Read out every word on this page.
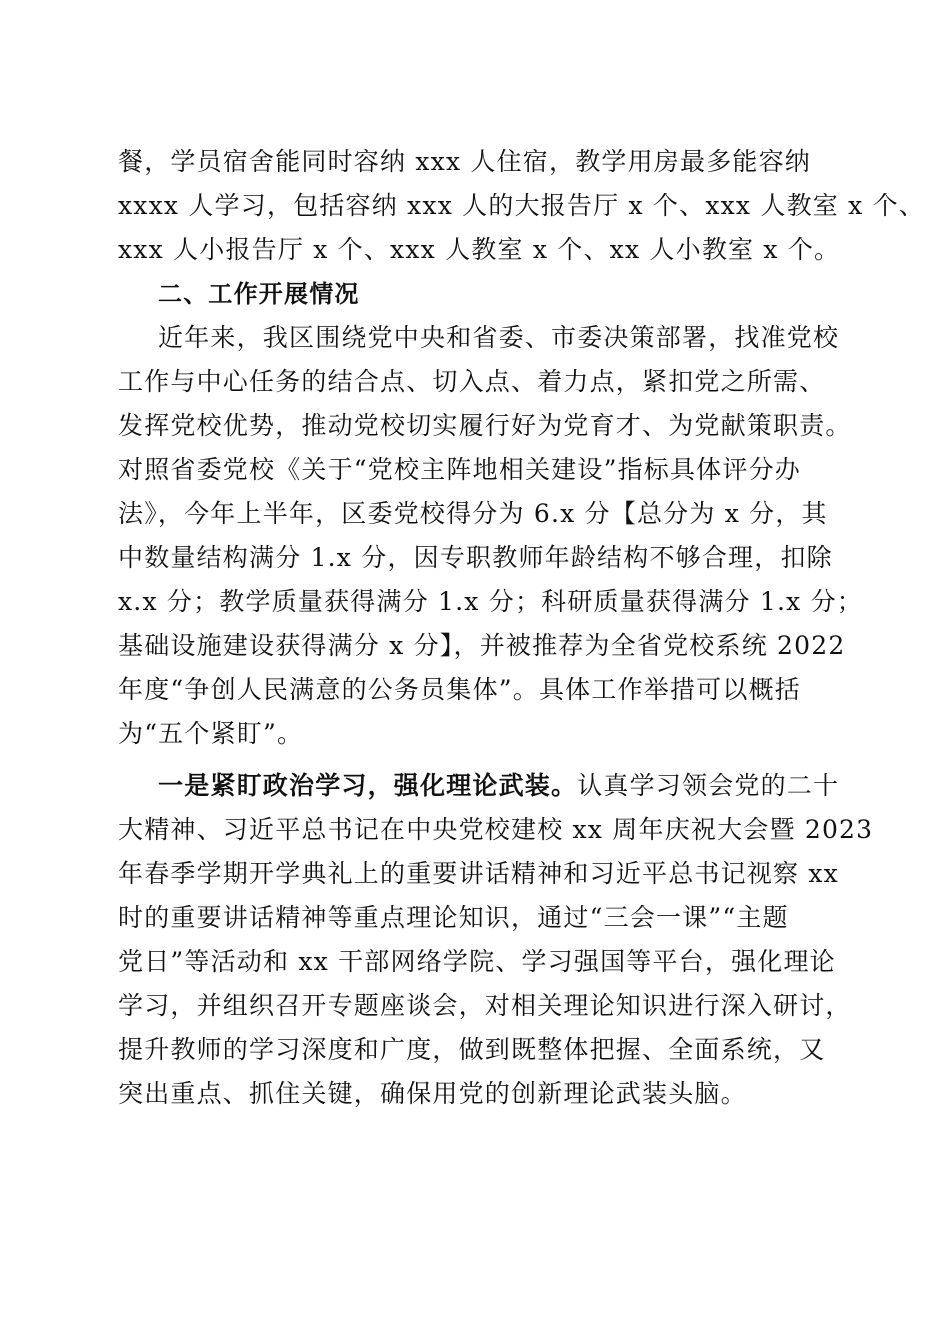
餐，学员宿舍能同时容纳 xxx 人住宿，教学用房最多能容纳
xxxx 人学习，包括容纳 xxx 人的大报告厅 x 个、xxx 人教室 x 个、
xxx 人小报告厅 x 个、xxx 人教室 x 个、xx 人小教室 x 个。
二、工作开展情况
近年来，我区围绕党中央和省委、市委决策部署，找准党校
工作与中心任务的结合点、切入点、着力点，紧扣党之所需、
发挥党校优势，推动党校切实履行好为党育才、为党献策职责。
对照省委党校《关于“党校主阵地相关建设”指标具体评分办
法》，今年上半年，区委党校得分为 6.x 分【总分为 x 分，其
中数量结构满分 1.x 分，因专职教师年龄结构不够合理，扣除
x.x 分；教学质量获得满分 1.x 分；科研质量获得满分 1.x 分；
基础设施建设获得满分 x 分】，并被推荐为全省党校系统 2022
年度“争创人民满意的公务员集体”。具体工作举措可以概括
为“五个紧盯”。
一是紧盯政治学习，强化理论武装。认真学习领会党的二十
大精神、习近平总书记在中央党校建校 xx 周年庆祝大会暨 2023
年春季学期开学典礼上的重要讲话精神和习近平总书记视察 xx
时的重要讲话精神等重点理论知识，通过“三会一课”“主题
党日”等活动和 xx 干部网络学院、学习强国等平台，强化理论
学习，并组织召开专题座谈会，对相关理论知识进行深入研讨，
提升教师的学习深度和广度，做到既整体把握、全面系统，又
突出重点、抓住关键，确保用党的创新理论武装头脑。
